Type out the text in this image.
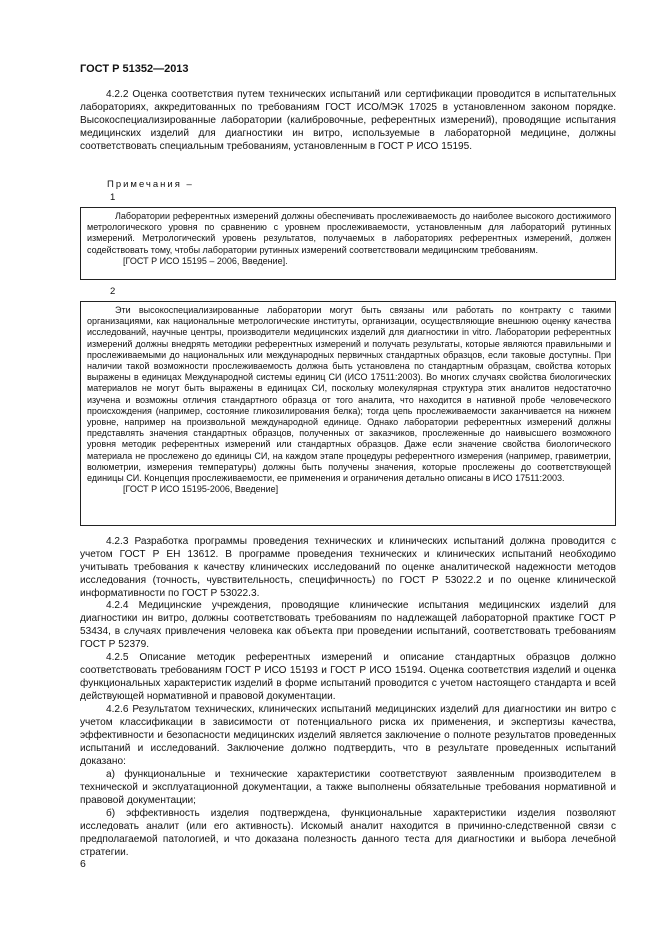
ГОСТ Р 51352—2013

4.2.2 Оценка соответствия путем технических испытаний или сертификации проводится в испытательных лабораториях, аккредитованных по требованиям ГОСТ ИСО/МЭК 17025 в установленном законом порядке. Высокоспециализированные лаборатории (калибровочные, референтных измерений), проводящие испытания медицинских изделий для диагностики ин витро, используемые в лабораторной медицине, должны соответствовать специальным требованиям, установленным в ГОСТ Р ИСО 15195.

Примечания –
1

Лаборатории референтных измерений должны обеспечивать прослеживаемость до наиболее высокого достижимого метрологического уровня по сравнению с уровнем прослеживаемости, установленным для лабораторий рутинных измерений. Метрологический уровень результатов, получаемых в лабораториях референтных измерений, должен содействовать тому, чтобы лаборатории рутинных измерений соответствовали медицинским требованиям.

[ГОСТ Р ИСО 15195 – 2006, Введение].

2

Эти высокоспециализированные лаборатории могут быть связаны или работать по контракту с такими организациями, как национальные метрологические институты, организации, осуществляющие внешнюю оценку качества исследований, научные центры, производители медицинских изделий для диагностики in vitro. Лаборатории референтных измерений должны внедрять методики референтных измерений и получать результаты, которые являются правильными и прослеживаемыми до национальных или международных первичных стандартных образцов, если таковые доступны. При наличии такой возможности прослеживаемость должна быть установлена по стандартным образцам, свойства которых выражены в единицах Международной системы единиц СИ (ИСО 17511:2003). Во многих случаях свойства биологических материалов не могут быть выражены в единицах СИ, поскольку молекулярная структура этих аналитов недостаточно изучена и возможны отличия стандартного образца от того аналита, что находится в нативной пробе человеческого происхождения (например, состояние гликозилирования белка); тогда цепь прослеживаемости заканчивается на нижнем уровне, например на произвольной международной единице. Однако лаборатории референтных измерений должны представлять значения стандартных образцов, полученных от заказчиков, прослеженные до наивысшего возможного уровня методик референтных измерений или стандартных образцов. Даже если значение свойства биологического материала не прослежено до единицы СИ, на каждом этапе процедуры референтного измерения (например, гравиметрии, волюметрии, измерения температуры) должны быть получены значения, которые прослежены до соответствующей единицы СИ. Концепция прослеживаемости, ее применения и ограничения детально описаны в ИСО 17511:2003.

[ГОСТ Р ИСО 15195-2006, Введение]

4.2.3 Разработка программы проведения технических и клинических испытаний должна проводится с учетом ГОСТ Р ЕН 13612. В программе проведения технических и клинических испытаний необходимо учитывать требования к качеству клинических исследований по оценке аналитической надежности методов исследования (точность, чувствительность, специфичность) по ГОСТ Р 53022.2 и по оценке клинической информативности по ГОСТ Р 53022.3.

4.2.4 Медицинские учреждения, проводящие клинические испытания медицинских изделий для диагностики ин витро, должны соответствовать требованиям по надлежащей лабораторной практике ГОСТ Р 53434, в случаях привлечения человека как объекта при проведении испытаний, соответствовать требованиям ГОСТ Р 52379.

4.2.5 Описание методик референтных измерений и описание стандартных образцов должно соответствовать требованиям ГОСТ Р ИСО 15193 и ГОСТ Р ИСО 15194. Оценка соответствия изделий и оценка функциональных характеристик изделий в форме испытаний проводится с учетом настоящего стандарта и всей действующей нормативной и правовой документации.

4.2.6 Результатом технических, клинических испытаний медицинских изделий для диагностики ин витро с учетом классификации в зависимости от потенциального риска их применения, и экспертизы качества, эффективности и безопасности медицинских изделий является заключение о полноте результатов проведенных испытаний и исследований. Заключение должно подтвердить, что в результате проведенных испытаний доказано:

а) функциональные и технические характеристики соответствуют заявленным производителем в технической и эксплуатационной документации, а также выполнены обязательные требования нормативной и правовой документации;

б) эффективность изделия подтверждена, функциональные характеристики изделия позволяют исследовать аналит (или его активность). Искомый аналит находится в причинно-следственной связи с предполагаемой патологией, и что доказана полезность данного теста для диагностики и выбора лечебной стратегии.

6
